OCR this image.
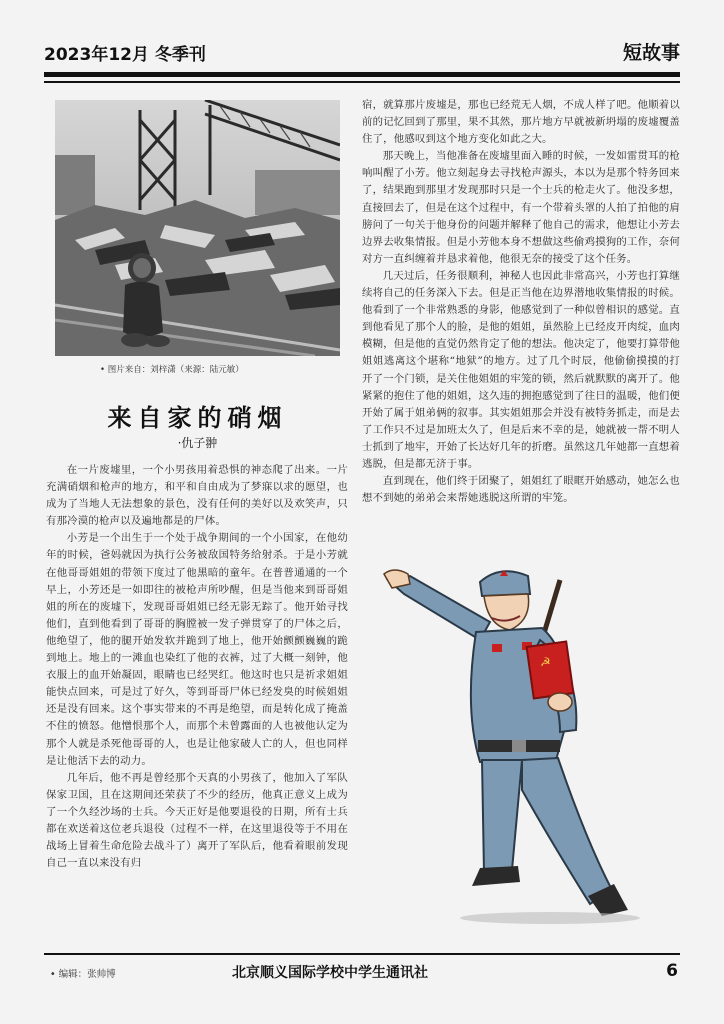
2023年12月 冬季刊	短故事
• 图片来自：刘梓潇（来源：陆元敏）
来自家的硝烟
·仇子翀

在一片废墟里，一个小男孩用着恐惧的神态爬了出来。一片充满硝烟和枪声的地方，和平和自由成为了梦寐以求的愿望，也成为了当地人无法想象的景色，没有任何的美好以及欢笑声，只有那冷漠的枪声以及遍地都是的尸体。

小芳是一个出生于一个处于战争期间的一个小国家，在他幼年的时候，爸妈就因为执行公务被敌国特务给射杀。于是小芳就在他哥哥姐姐的带领下度过了他黑暗的童年。在普普通通的一个早上，小芳还是一如即往的被枪声所吵醒，但是当他来到哥哥姐姐的所在的废墟下，发现哥哥姐姐已经无影无踪了。他开始寻找他们，直到他看到了哥哥的胸膛被一发子弹贯穿了的尸体之后，他绝望了，他的腿开始发软并跪到了地上，他开始颤颤巍巍的跪到地上。地上的一滩血也染红了他的衣裤，过了大概一刻钟，他衣服上的血开始凝固，眼睛也已经哭红。他这时也只是祈求姐姐能快点回来，可是过了好久，等到哥哥尸体已经发臭的时候姐姐还是没有回来。这个事实带来的不再是绝望，而是转化成了掩盖不住的愤怒。他憎恨那个人，而那个未曾露面的人也被他认定为那个人就是杀死他哥哥的人，也是让他家破人亡的人，但也同样是让他活下去的动力。

几年后，他不再是曾经那个天真的小男孩了，他加入了军队保家卫国，且在这期间还荣获了不少的经历，他真正意义上成为了一个久经沙场的士兵。今天正好是他要退役的日期，所有士兵都在欢送着这位老兵退役（过程不一样，在这里退役等于不用在战场上冒着生命危险去战斗了）离开了军队后，他看着眼前发现自己一直以来没有归

宿，就算那片废墟是，那也已经荒无人烟，不成人样了吧。他顺着以前的记忆回到了那里，果不其然，那片地方早就被新坍塌的废墟覆盖住了，他感叹到这个地方变化如此之大。

那天晚上，当他准备在废墟里面入睡的时候，一发如雷贯耳的枪响叫醒了小芳。他立刻起身去寻找枪声源头，本以为是那个特务回来了，结果跑到那里才发现那时只是一个士兵的枪走火了。他没多想，直接回去了，但是在这个过程中，有一个带着头罩的人拍了拍他的肩膀问了一句关于他身份的问题并解释了他自己的需求，他想让小芳去边界去收集情报。但是小芳他本身不想做这些偷鸡摸狗的工作，奈何对方一直纠缠着并恳求着他，他很无奈的接受了这个任务。

几天过后，任务很顺利，神秘人也因此非常高兴，小芳也打算继续将自己的任务深入下去。但是正当他在边界潜地收集情报的时候。他看到了一个非常熟悉的身影，他感觉到了一种似曾相识的感觉。直到他看见了那个人的脸，是他的姐姐，虽然脸上已经皮开肉绽，血肉模糊，但是他的直觉仍然肯定了他的想法。他决定了，他要打算带他姐姐逃离这个堪称“地狱”的地方。过了几个时辰，他偷偷摸摸的打开了一个门锁，是关住他姐姐的牢笼的锁，然后就默默的离开了。他紧紧的抱住了他的姐姐，这久违的拥抱感觉到了往日的温暖，他们便开始了属于姐弟俩的叙事。其实姐姐那会并没有被特务抓走，而是去了工作只不过是加班太久了，但是后来不幸的是，她就被一帮不明人士抓到了地牢，开始了长达好几年的折磨。虽然这几年她都一直想着逃脱，但是都无济于事。

直到现在，他们终于团聚了，姐姐红了眼眶开始感动，她怎么也想不到她的弟弟会来帮她逃脱这所谓的牢笼。

☭
• 编辑：张帅博	北京顺义国际学校中学生通讯社	6
